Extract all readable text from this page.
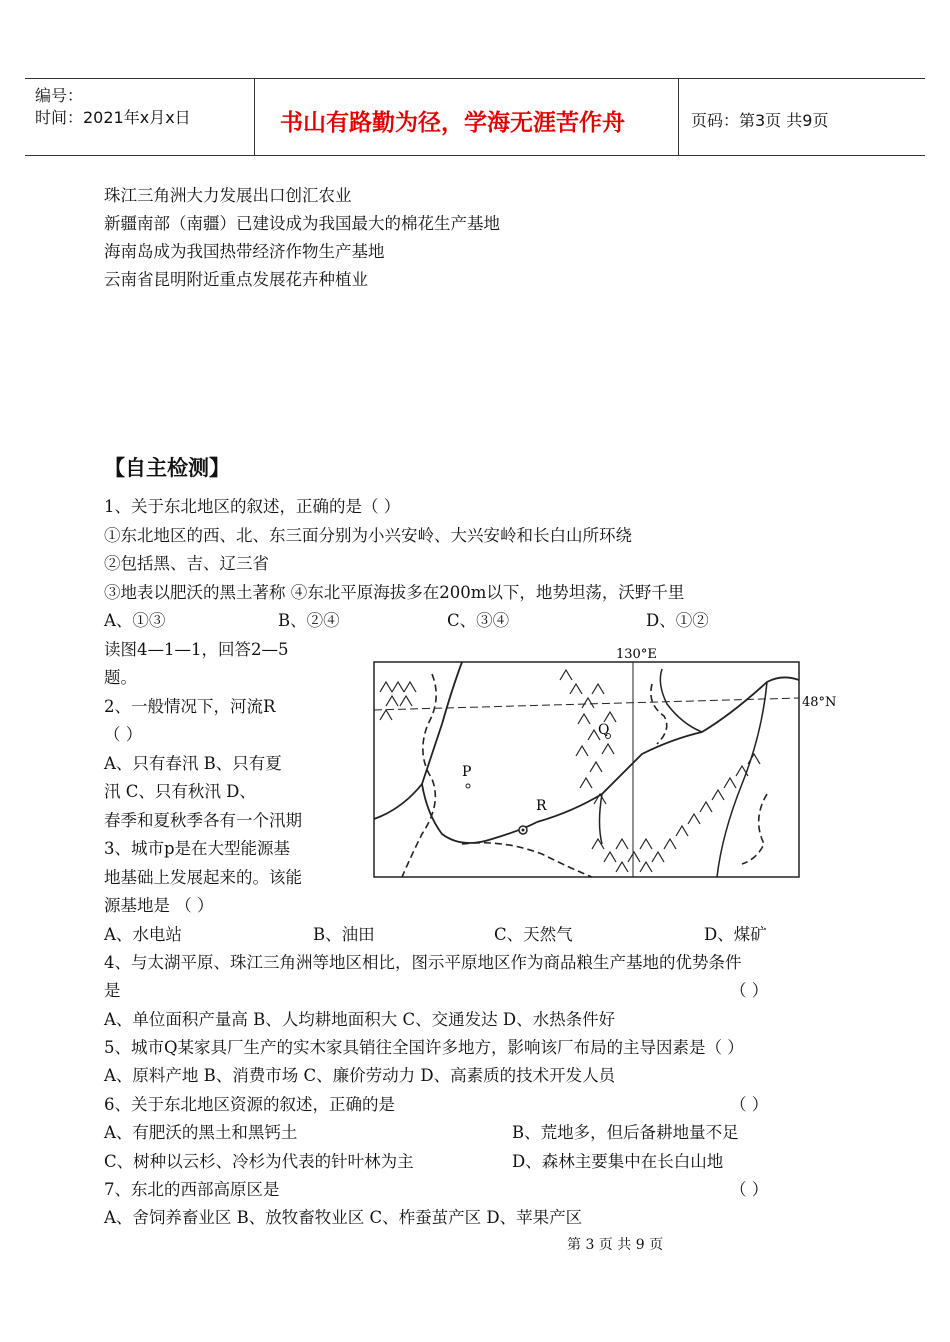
编号：
时间：2021年x月x日	书山有路勤为径，学海无涯苦作舟	页码：第3页 共9页
珠江三角洲大力发展出口创汇农业
新疆南部（南疆）已建设成为我国最大的棉花生产基地
海南岛成为我国热带经济作物生产基地
云南省昆明附近重点发展花卉种植业
【自主检测】
1、关于东北地区的叙述，正确的是（ ）
①东北地区的西、北、东三面分别为小兴安岭、大兴安岭和长白山所环绕
②包括黑、吉、辽三省
③地表以肥沃的黑土著称 ④东北平原海拔多在200m以下，地势坦荡，沃野千里
A、①③	B、②④	C、③④	D、①②
读图4—1—1，回答2—5
题。
2、一般情况下，河流R
（ ）
A、只有春汛 B、只有夏
汛 C、只有秋汛 D、
春季和夏秋季各有一个汛期
3、城市p是在大型能源基
地基础上发展起来的。该能
源基地是 （ ）
130°E
48°N
P
Q
R
A、水电站	B、油田	C、天然气	D、煤矿
4、与太湖平原、珠江三角洲等地区相比，图示平原地区作为商品粮生产基地的优势条件
是	（ ）
A、单位面积产量高 B、人均耕地面积大 C、交通发达 D、水热条件好
5、城市Q某家具厂生产的实木家具销往全国许多地方，影响该厂布局的主导因素是（ ）
A、原料产地 B、消费市场 C、廉价劳动力 D、高素质的技术开发人员
6、关于东北地区资源的叙述，正确的是	（ ）
A、有肥沃的黑土和黑钙土	B、荒地多，但后备耕地量不足
C、树种以云杉、冷杉为代表的针叶林为主	D、森林主要集中在长白山地
7、东北的西部高原区是	（ ）
A、舍饲养畜业区 B、放牧畜牧业区 C、柞蚕茧产区 D、苹果产区
第 3 页 共 9 页
